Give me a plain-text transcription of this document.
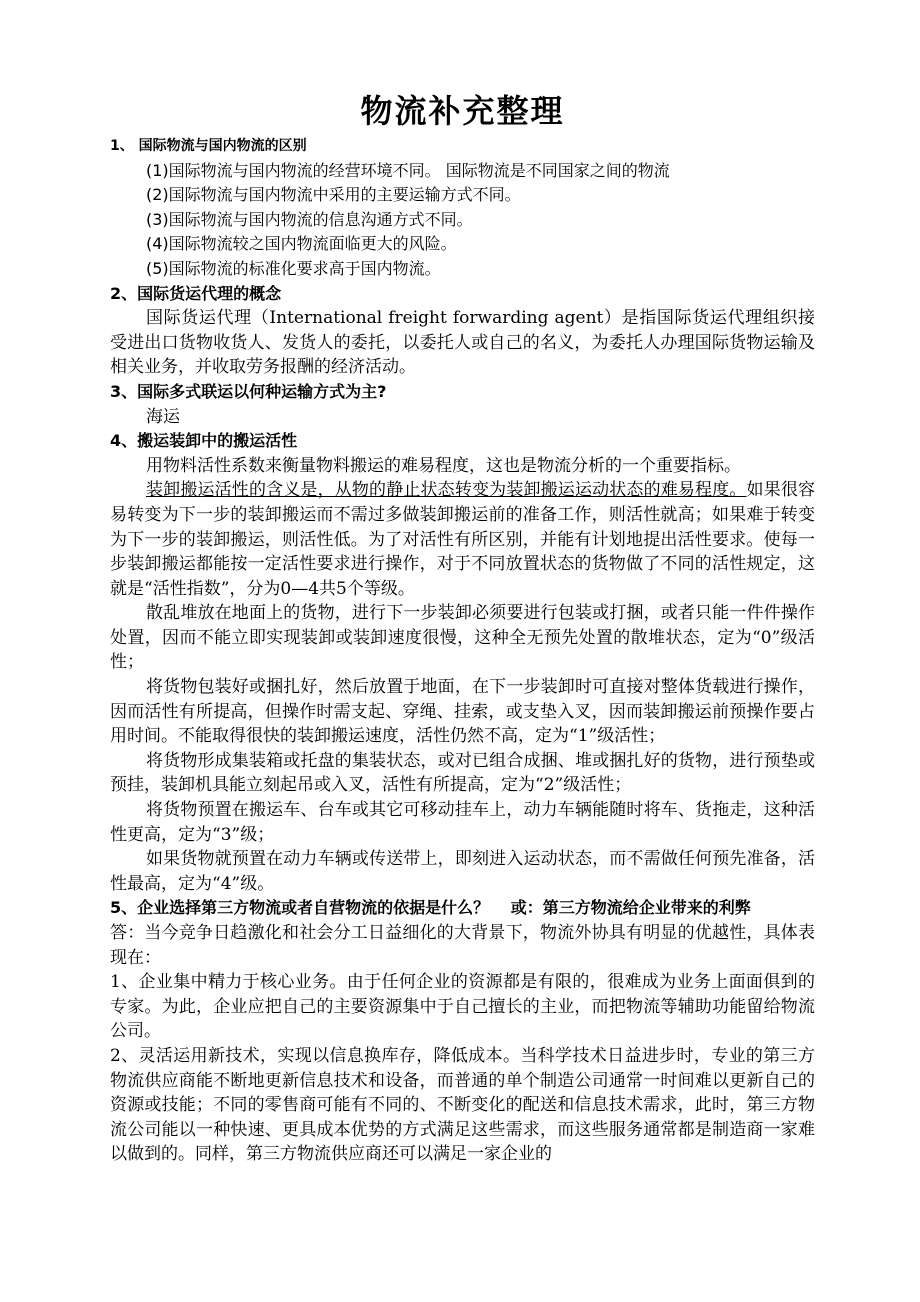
物流补充整理

1、 国际物流与国内物流的区别

(1)国际物流与国内物流的经营环境不同。 国际物流是不同国家之间的物流

(2)国际物流与国内物流中采用的主要运输方式不同。

(3)国际物流与国内物流的信息沟通方式不同。

(4)国际物流较之国内物流面临更大的风险。

(5)国际物流的标准化要求高于国内物流。

2、国际货运代理的概念

国际货运代理（International freight forwarding agent）是指国际货运代理组织接受进出口货物收货人、发货人的委托，以委托人或自己的名义，为委托人办理国际货物运输及相关业务，并收取劳务报酬的经济活动。

3、国际多式联运以何种运输方式为主?

海运

4、搬运装卸中的搬运活性

用物料活性系数来衡量物料搬运的难易程度，这也是物流分析的一个重要指标。

装卸搬运活性的含义是，从物的静止状态转变为装卸搬运运动状态的难易程度。如果很容易转变为下一步的装卸搬运而不需过多做装卸搬运前的准备工作，则活性就高；如果难于转变为下一步的装卸搬运，则活性低。为了对活性有所区别，并能有计划地提出活性要求。使每一步装卸搬运都能按一定活性要求进行操作，对于不同放置状态的货物做了不同的活性规定，这就是“活性指数”，分为0—4共5个等级。

散乱堆放在地面上的货物，进行下一步装卸必须要进行包装或打捆，或者只能一件件操作处置，因而不能立即实现装卸或装卸速度很慢，这种全无预先处置的散堆状态，定为“0”级活性；

将货物包装好或捆扎好，然后放置于地面，在下一步装卸时可直接对整体货载进行操作，因而活性有所提高，但操作时需支起、穿绳、挂索，或支垫入叉，因而装卸搬运前预操作要占用时间。不能取得很快的装卸搬运速度，活性仍然不高，定为“1”级活性；

将货物形成集装箱或托盘的集装状态，或对已组合成捆、堆或捆扎好的货物，进行预垫或预挂，装卸机具能立刻起吊或入叉，活性有所提高，定为“2”级活性；

将货物预置在搬运车、台车或其它可移动挂车上，动力车辆能随时将车、货拖走，这种活性更高，定为“3”级；

如果货物就预置在动力车辆或传送带上，即刻进入运动状态，而不需做任何预先准备，活性最高，定为“4”级。

5、企业选择第三方物流或者自营物流的依据是什么？　 或：第三方物流给企业带来的利弊

答：当今竞争日趋激化和社会分工日益细化的大背景下，物流外协具有明显的优越性，具体表现在：

1、企业集中精力于核心业务。由于任何企业的资源都是有限的，很难成为业务上面面俱到的专家。为此，企业应把自己的主要资源集中于自己擅长的主业，而把物流等辅助功能留给物流公司。

2、灵活运用新技术，实现以信息换库存，降低成本。当科学技术日益进步时，专业的第三方物流供应商能不断地更新信息技术和设备，而普通的单个制造公司通常一时间难以更新自己的资源或技能；不同的零售商可能有不同的、不断变化的配送和信息技术需求，此时，第三方物流公司能以一种快速、更具成本优势的方式满足这些需求，而这些服务通常都是制造商一家难以做到的。同样，第三方物流供应商还可以满足一家企业的
